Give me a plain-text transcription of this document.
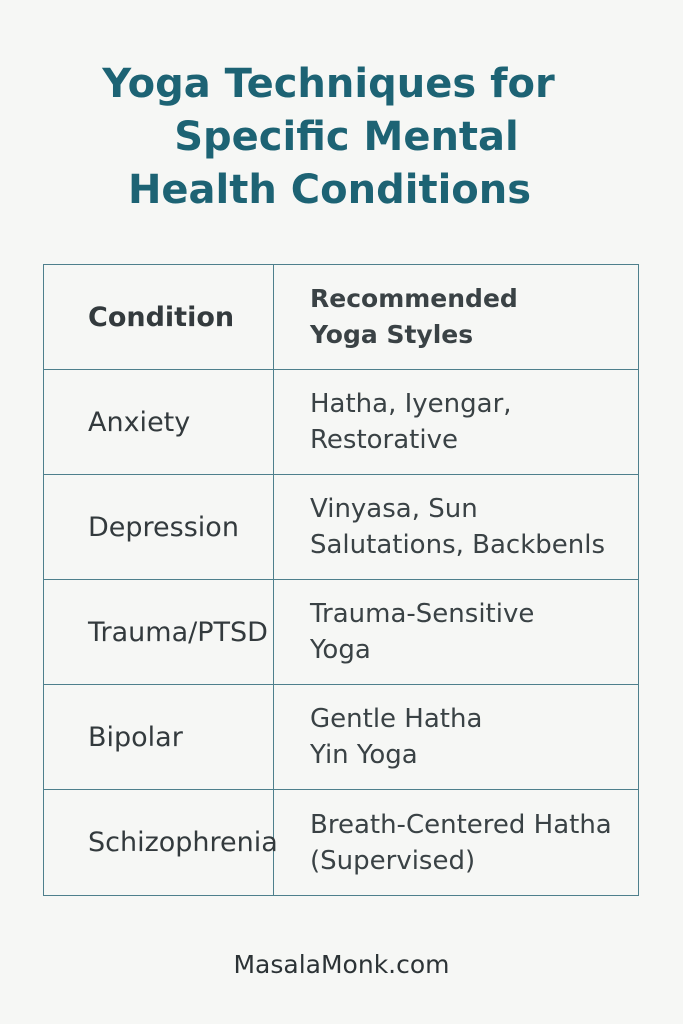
Yoga Techniques for
Specific Mental
Health Conditions
Condition
Recommended
Yoga Styles
Anxiety
Hatha, Iyengar,
Restorative
Depression
Vinyasa, Sun
Salutations, Backbenls
Trauma/PTSD
Trauma-Sensitive
Yoga
Bipolar
Gentle Hatha
Yin Yoga
Schizophrenia
Breath-Centered Hatha
(Supervised)
MasalaMonk.com
